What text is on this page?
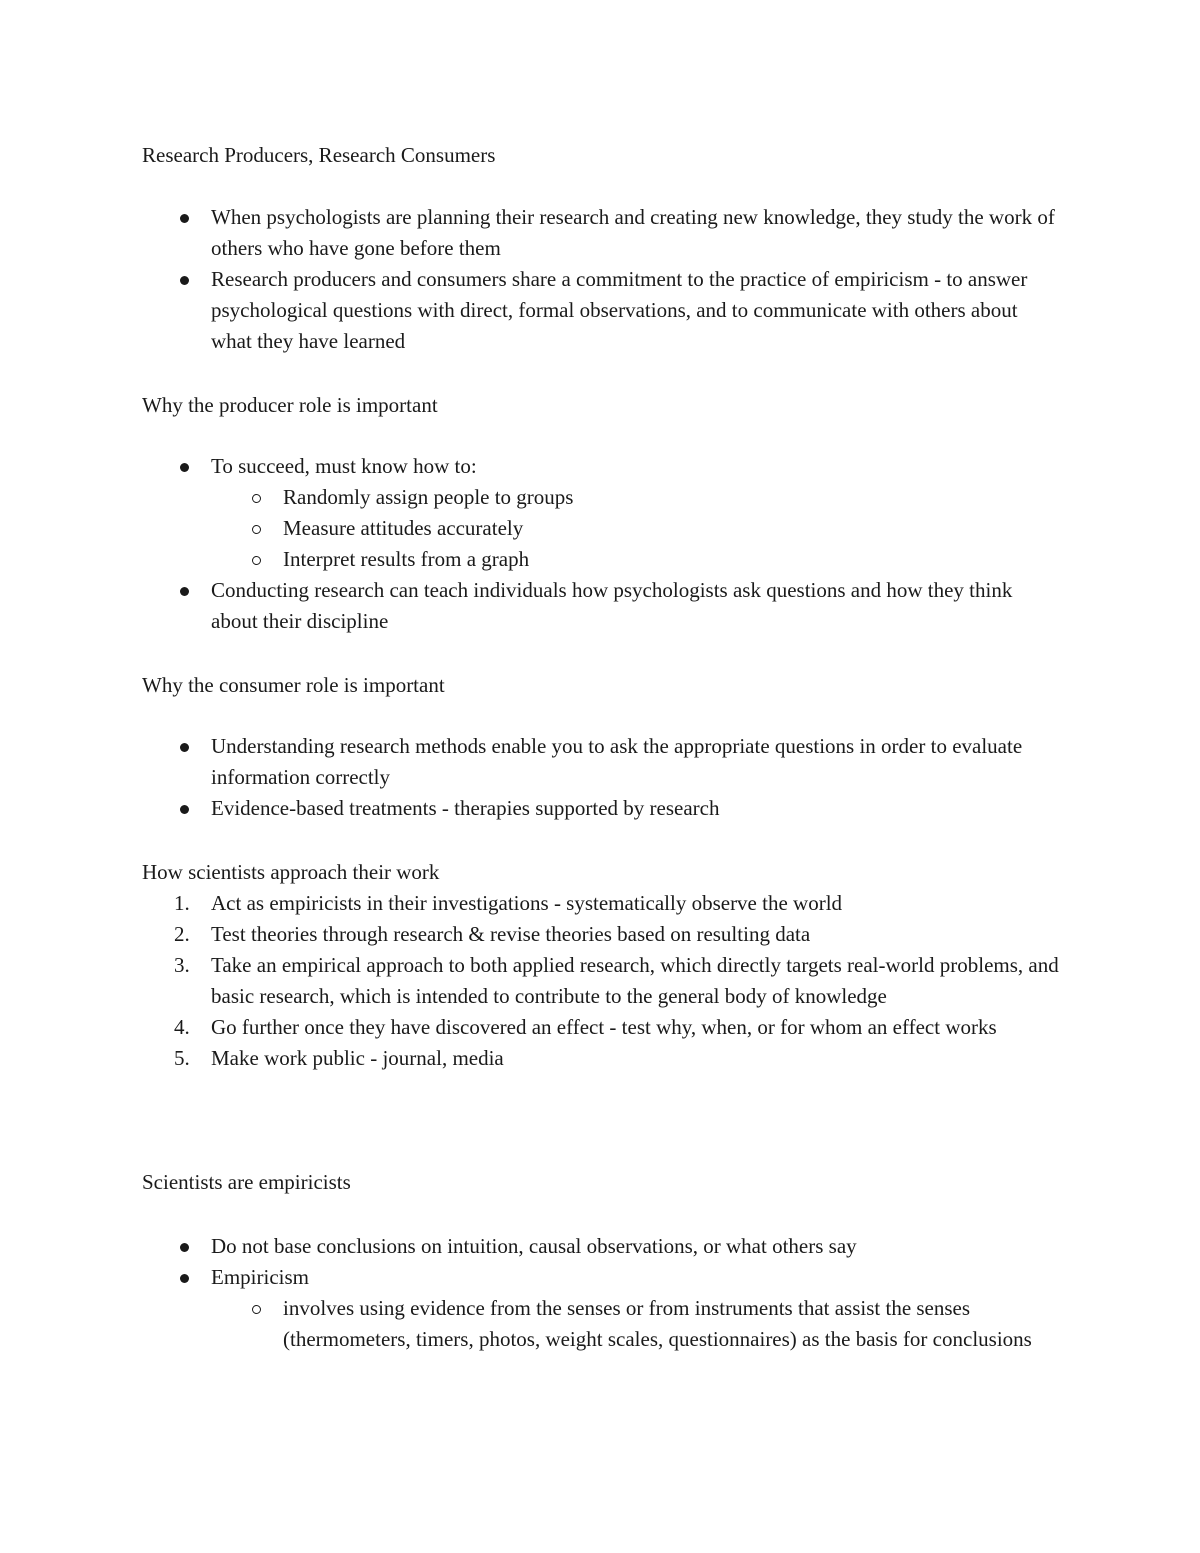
Research Producers, Research Consumers

When psychologists are planning their research and creating new knowledge, they study the work of others who have gone before them
Research producers and consumers share a commitment to the practice of empiricism - to answer psychological questions with direct, formal observations, and to communicate with others about what they have learned

Why the producer role is important

To succeed, must know how to:
Randomly assign people to groups
Measure attitudes accurately
Interpret results from a graph
Conducting research can teach individuals how psychologists ask questions and how they think about their discipline

Why the consumer role is important

Understanding research methods enable you to ask the appropriate questions in order to evaluate information correctly
Evidence-based treatments - therapies supported by research

How scientists approach their work

1. Act as empiricists in their investigations - systematically observe the world
2. Test theories through research & revise theories based on resulting data
3. Take an empirical approach to both applied research, which directly targets real-world problems, and basic research, which is intended to contribute to the general body of knowledge
4. Go further once they have discovered an effect - test why, when, or for whom an effect works
5. Make work public - journal, media

Scientists are empiricists

Do not base conclusions on intuition, causal observations, or what others say
Empiricism
involves using evidence from the senses or from instruments that assist the senses (thermometers, timers, photos, weight scales, questionnaires) as the basis for conclusions
